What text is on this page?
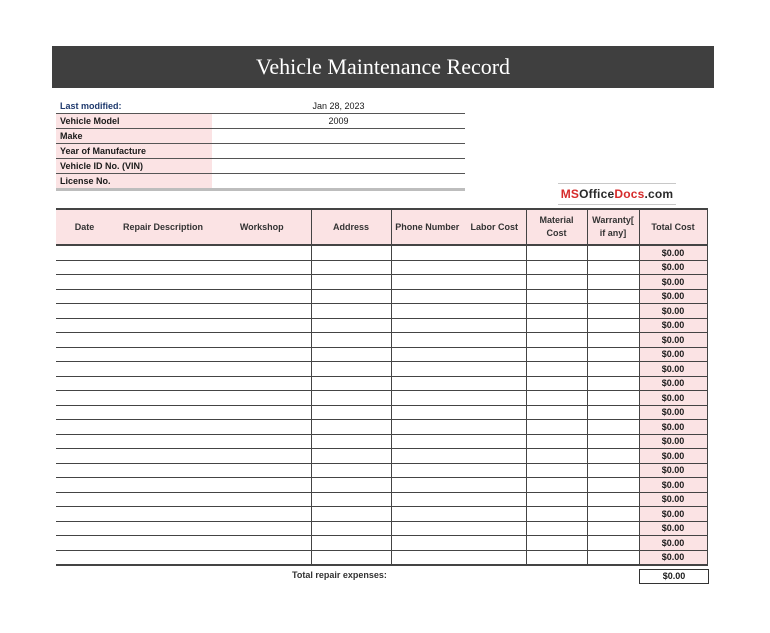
Vehicle Maintenance Record
Last modified:	Jan 28, 2023
Vehicle Model	2009
Make	
Year of Manufacture	
Vehicle ID No. (VIN)	
License No.	
MS Office Docs .com
Date	Repair Description	Workshop	Address	Phone Number	Labor Cost	Material Cost	Warranty[ if any]	Total Cost
								$0.00
								$0.00
								$0.00
								$0.00
								$0.00
								$0.00
								$0.00
								$0.00
								$0.00
								$0.00
								$0.00
								$0.00
								$0.00
								$0.00
								$0.00
								$0.00
								$0.00
								$0.00
								$0.00
								$0.00
								$0.00
								$0.00
Total repair expenses:	$0.00
